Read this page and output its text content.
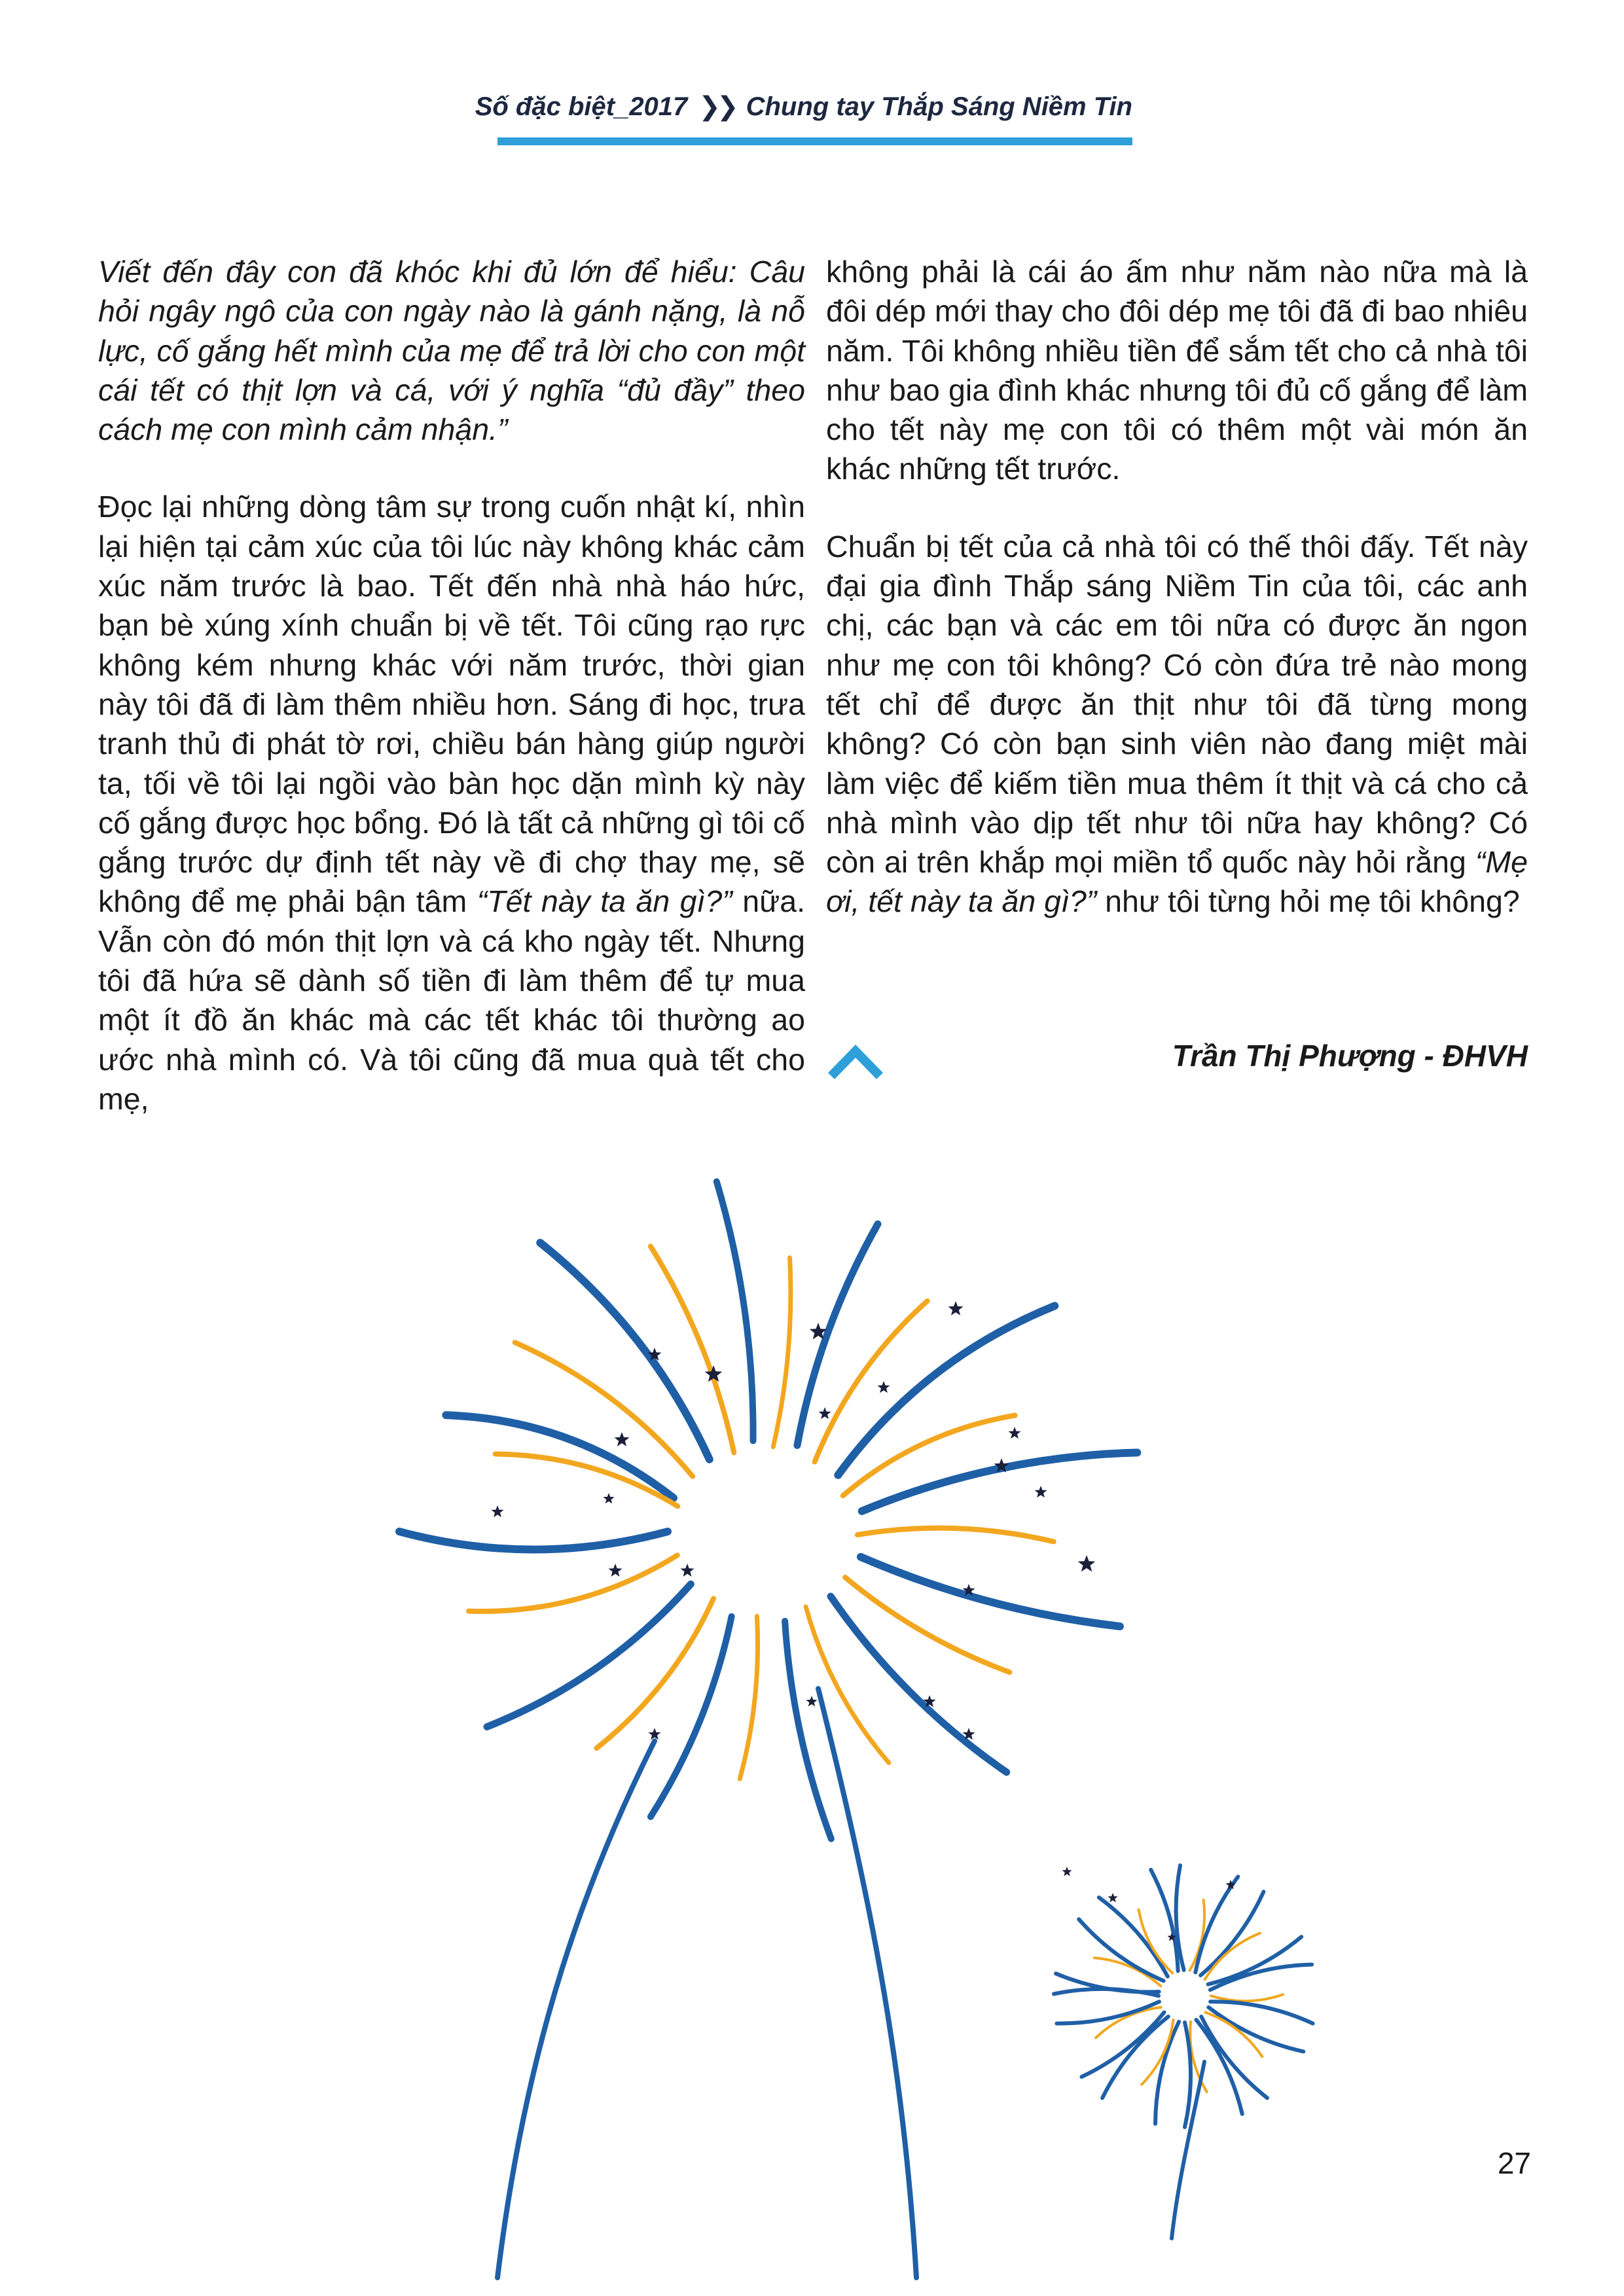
Số đặc biệt_2017 ❯❯ Chung tay Thắp Sáng Niềm Tin

Viết đến đây con đã khóc khi đủ lớn để hiểu: Câu hỏi ngây ngô của con ngày nào là gánh nặng, là nỗ lực, cố gắng hết mình của mẹ để trả lời cho con một cái tết có thịt lợn và cá, với ý nghĩa “đủ đầy” theo cách mẹ con mình cảm nhận.”

Đọc lại những dòng tâm sự trong cuốn nhật kí, nhìn lại hiện tại cảm xúc của tôi lúc này không khác cảm xúc năm trước là bao. Tết đến nhà nhà háo hức, bạn bè xúng xính chuẩn bị về tết. Tôi cũng rạo rực không kém nhưng khác với năm trước, thời gian này tôi đã đi làm thêm nhiều hơn. Sáng đi học, trưa tranh thủ đi phát tờ rơi, chiều bán hàng giúp người ta, tối về tôi lại ngồi vào bàn học dặn mình kỳ này cố gắng được học bổng. Đó là tất cả những gì tôi cố gắng trước dự định tết này về đi chợ thay mẹ, sẽ không để mẹ phải bận tâm “Tết này ta ăn gì?” nữa. Vẫn còn đó món thịt lợn và cá kho ngày tết. Nhưng tôi đã hứa sẽ dành số tiền đi làm thêm để tự mua một ít đồ ăn khác mà các tết khác tôi thường ao ước nhà mình có. Và tôi cũng đã mua quà tết cho mẹ,

không phải là cái áo ấm như năm nào nữa mà là đôi dép mới thay cho đôi dép mẹ tôi đã đi bao nhiêu năm. Tôi không nhiều tiền để sắm tết cho cả nhà tôi như bao gia đình khác nhưng tôi đủ cố gắng để làm cho tết này mẹ con tôi có thêm một vài món ăn khác những tết trước.

Chuẩn bị tết của cả nhà tôi có thế thôi đấy. Tết này đại gia đình Thắp sáng Niềm Tin của tôi, các anh chị, các bạn và các em tôi nữa có được ăn ngon như mẹ con tôi không? Có còn đứa trẻ nào mong tết chỉ để được ăn thịt như tôi đã từng mong không? Có còn bạn sinh viên nào đang miệt mài làm việc để kiếm tiền mua thêm ít thịt và cá cho cả nhà mình vào dịp tết như tôi nữa hay không? Có còn ai trên khắp mọi miền tổ quốc này hỏi rằng “Mẹ ơi, tết này ta ăn gì?” như tôi từng hỏi mẹ tôi không?

Trần Thị Phượng - ĐHVH
27
